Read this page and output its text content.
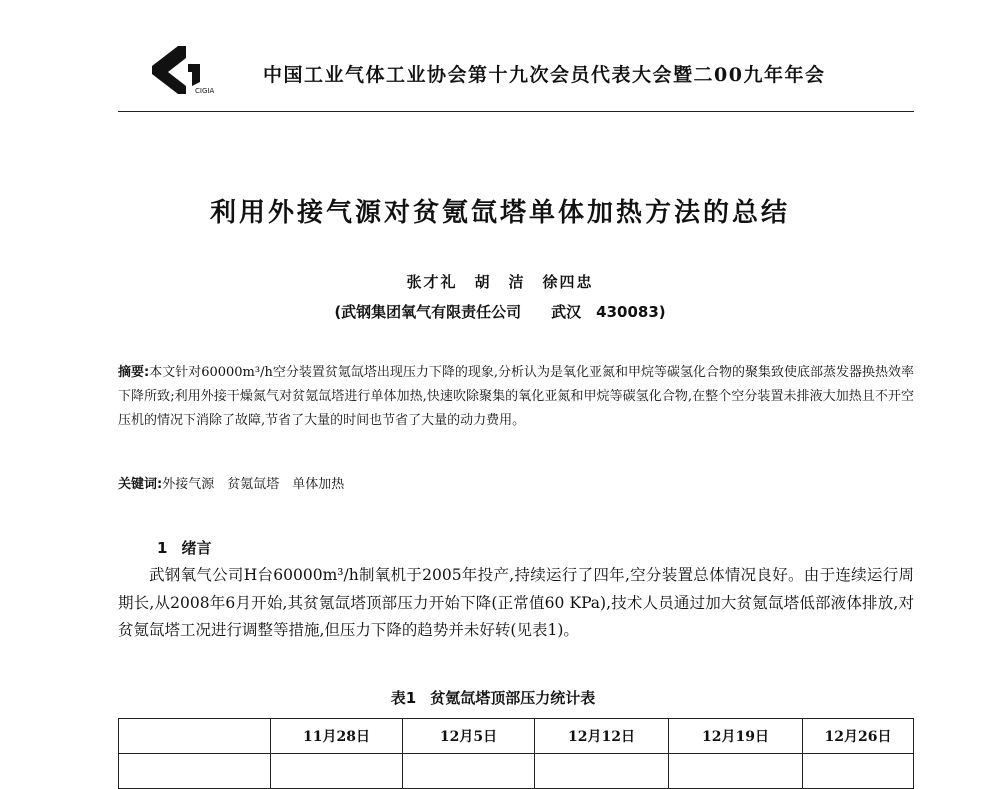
CIGIA
中国工业气体工业协会第十九次会员代表大会暨二00九年年会
利用外接气源对贫氪氙塔单体加热方法的总结
张才礼　胡　洁　徐四忠
(武钢集团氧气有限责任公司　　武汉　430083)
摘要:本文针对60000m³/h空分装置贫氪氙塔出现压力下降的现象,分析认为是氧化亚氮和甲烷等碳氢化合物的聚集致使底部蒸发器换热效率下降所致;利用外接干燥氮气对贫氪氙塔进行单体加热,快速吹除聚集的氧化亚氮和甲烷等碳氢化合物,在整个空分装置未排液大加热且不开空压机的情况下消除了故障,节省了大量的时间也节省了大量的动力费用。
关键词:外接气源　贫氪氙塔　单体加热
1 绪言
武钢氧气公司H台60000m³/h制氧机于2005年投产,持续运行了四年,空分装置总体情况良好。由于连续运行周期长,从2008年6月开始,其贫氪氙塔顶部压力开始下降(正常值60 KPa),技术人员通过加大贫氪氙塔低部液体排放,对贫氪氙塔工况进行调整等措施,但压力下降的趋势并未好转(见表1)。
表1 贫氪氙塔顶部压力统计表
	11月28日	12月5日	12月12日	12月19日	12月26日
